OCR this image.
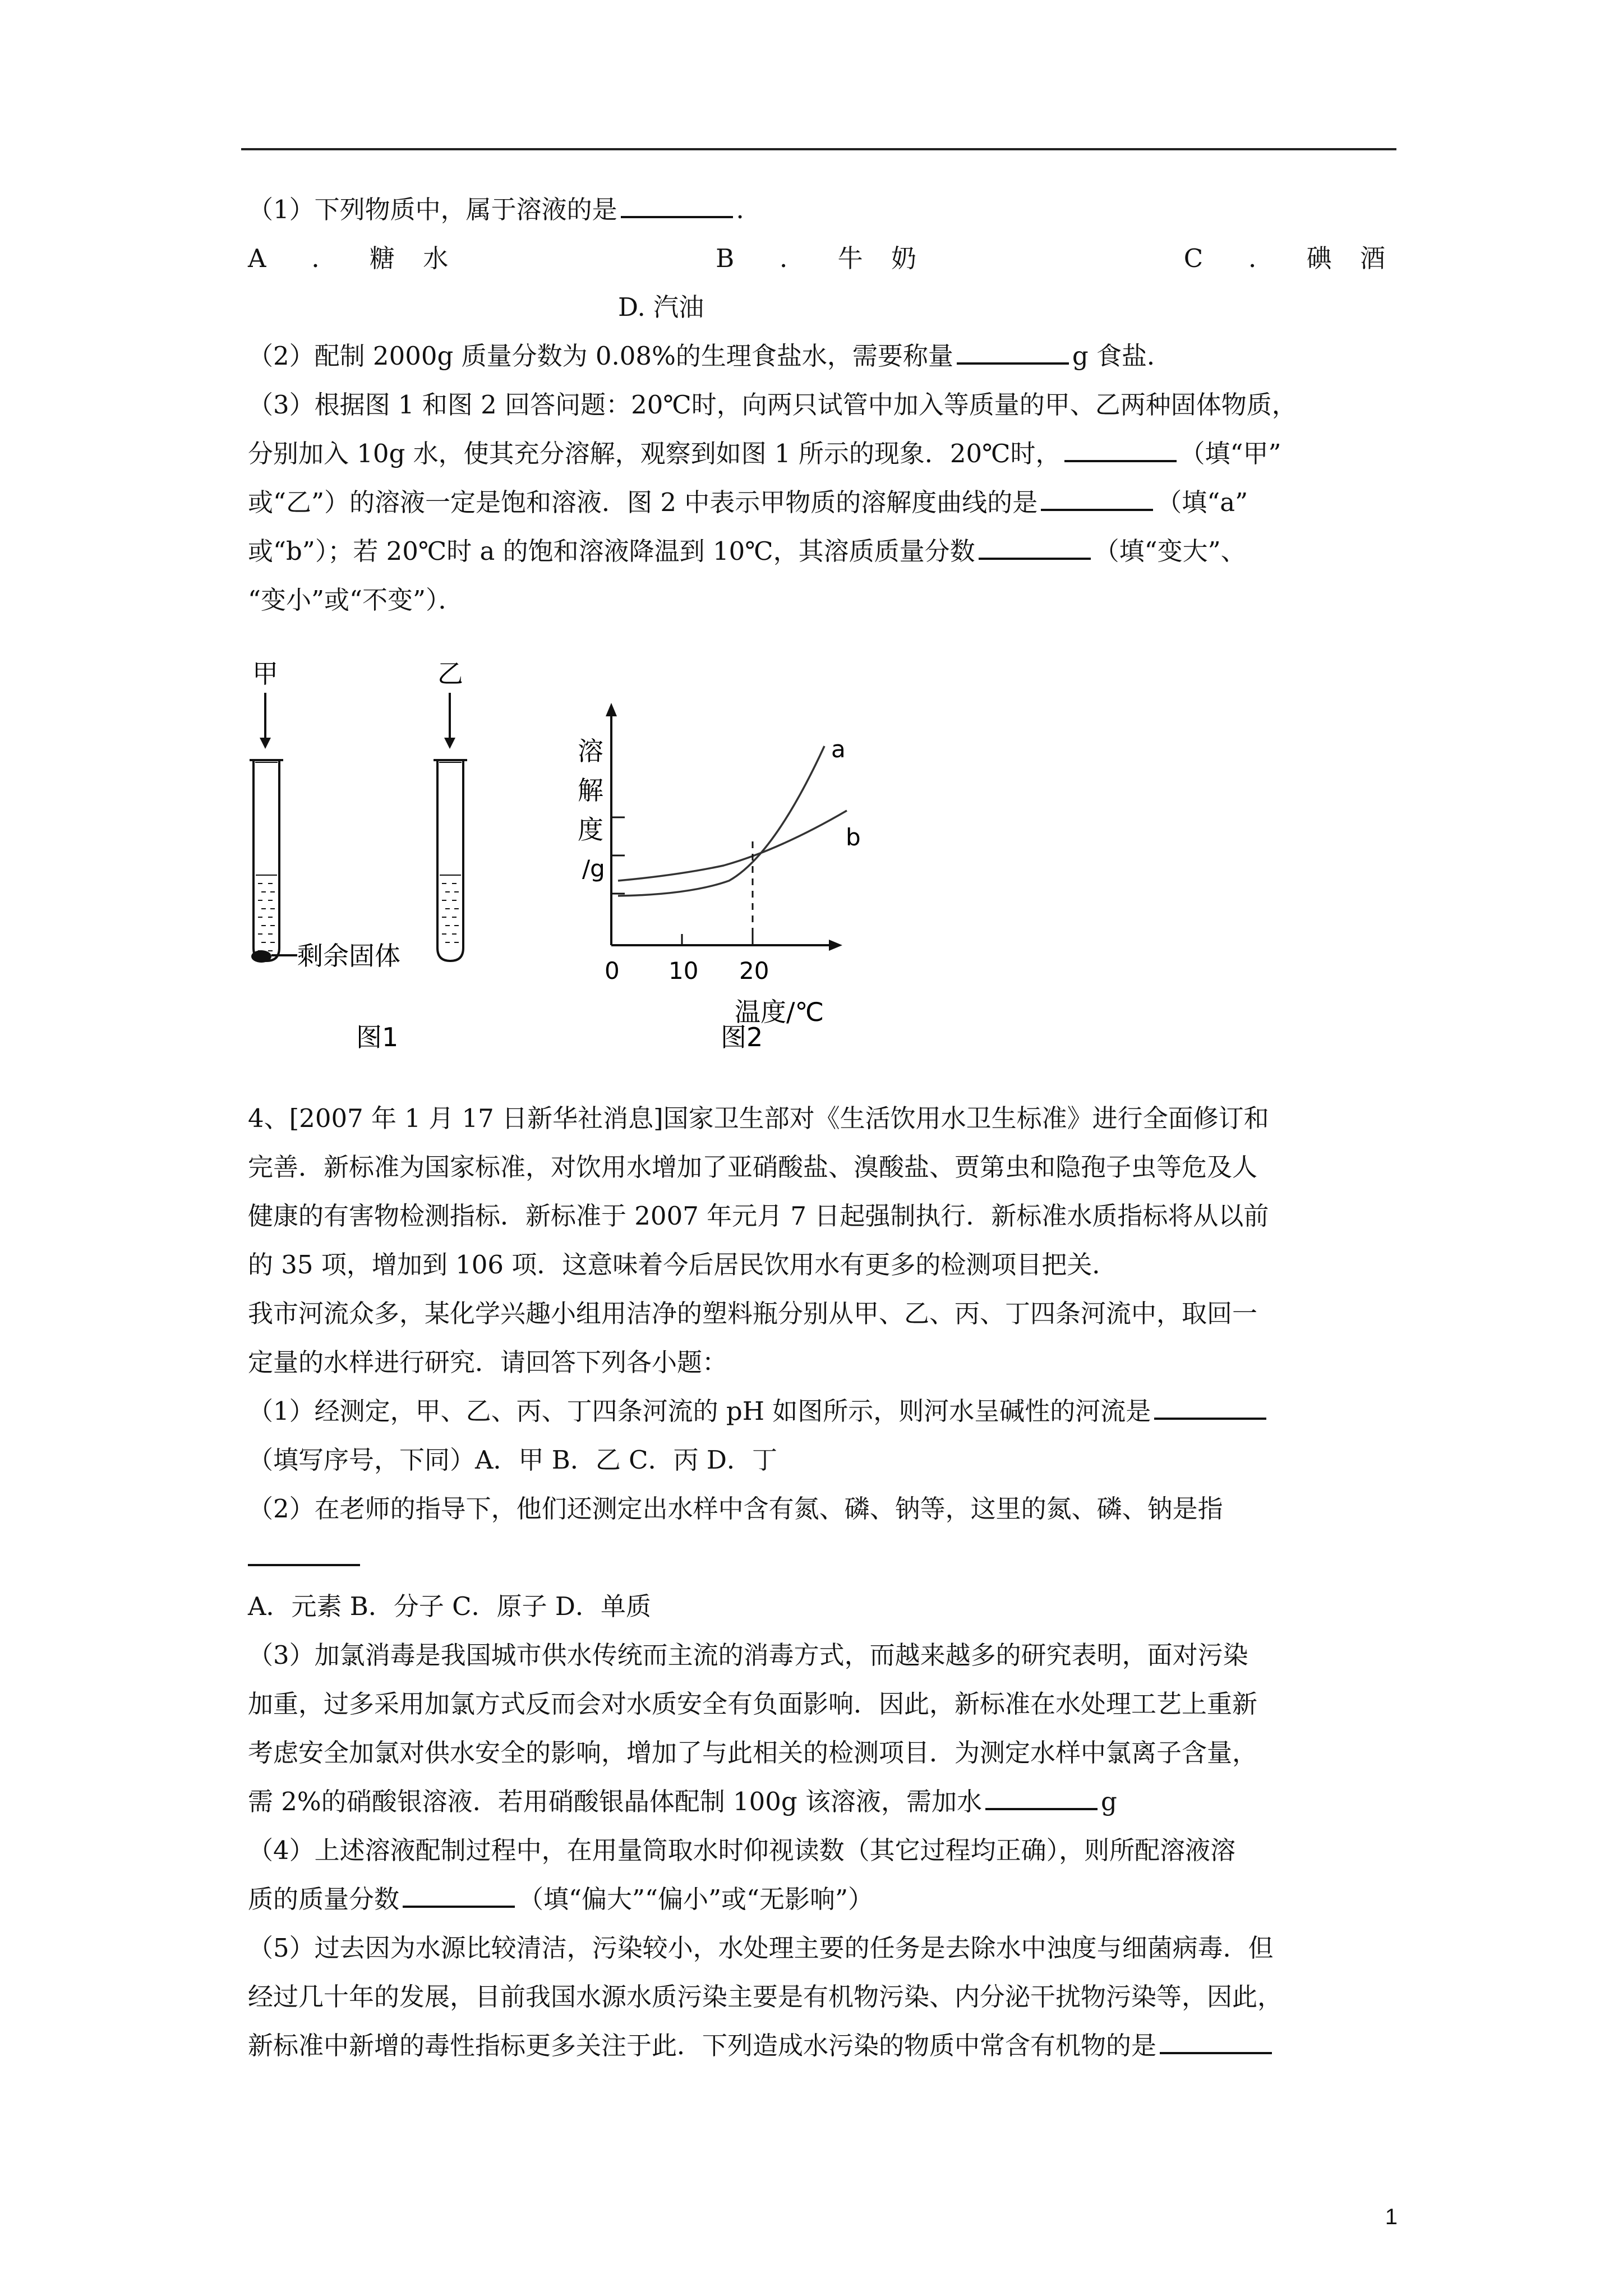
（1）下列物质中，属于溶液的是	．

A　．　糖 水	B　．　牛 奶	C　．　碘 酒

D. 汽油

（2）配制 2000g 质量分数为 0.08%的生理食盐水，需要称量	g 食盐．

（3）根据图 1 和图 2 回答问题：20℃时，向两只试管中加入等质量的甲、乙两种固体物质，

分别加入 10g 水，使其充分溶解，观察到如图 1 所示的现象．20℃时，	（填“甲”

或“乙”）的溶液一定是饱和溶液．图 2 中表示甲物质的溶解度曲线的是	（填“a”

或“b”）；若 20℃时 a 的饱和溶液降温到 10℃，其溶质质量分数	（填“变大”、

“变小”或“不变”）．

甲
剩余固体
乙
图1
溶
解
度
/g
0 10 20
温度/℃
a
b
图2

4、[2007 年 1 月 17 日新华社消息]国家卫生部对《生活饮用水卫生标准》进行全面修订和

完善．新标准为国家标准，对饮用水增加了亚硝酸盐、溴酸盐、贾第虫和隐孢子虫等危及人

健康的有害物检测指标．新标准于 2007 年元月 7 日起强制执行．新标准水质指标将从以前

的 35 项，增加到 106 项．这意味着今后居民饮用水有更多的检测项目把关．

我市河流众多，某化学兴趣小组用洁净的塑料瓶分别从甲、乙、丙、丁四条河流中，取回一

定量的水样进行研究．请回答下列各小题：

（1）经测定，甲、乙、丙、丁四条河流的 pH 如图所示，则河水呈碱性的河流是

（填写序号，下同）A．甲 B．乙 C．丙 D．丁

（2）在老师的指导下，他们还测定出水样中含有氮、磷、钠等，这里的氮、磷、钠是指

A．元素 B．分子 C．原子 D．单质

（3）加氯消毒是我国城市供水传统而主流的消毒方式，而越来越多的研究表明，面对污染

加重，过多采用加氯方式反而会对水质安全有负面影响．因此，新标准在水处理工艺上重新

考虑安全加氯对供水安全的影响，增加了与此相关的检测项目．为测定水样中氯离子含量，

需 2%的硝酸银溶液．若用硝酸银晶体配制 100g 该溶液，需加水	g

（4）上述溶液配制过程中，在用量筒取水时仰视读数（其它过程均正确），则所配溶液溶

质的质量分数	（填“偏大”“偏小”或“无影响”）

（5）过去因为水源比较清洁，污染较小，水处理主要的任务是去除水中浊度与细菌病毒．但

经过几十年的发展，目前我国水源水质污染主要是有机物污染、内分泌干扰物污染等，因此，

新标准中新增的毒性指标更多关注于此．下列造成水污染的物质中常含有机物的是

1
